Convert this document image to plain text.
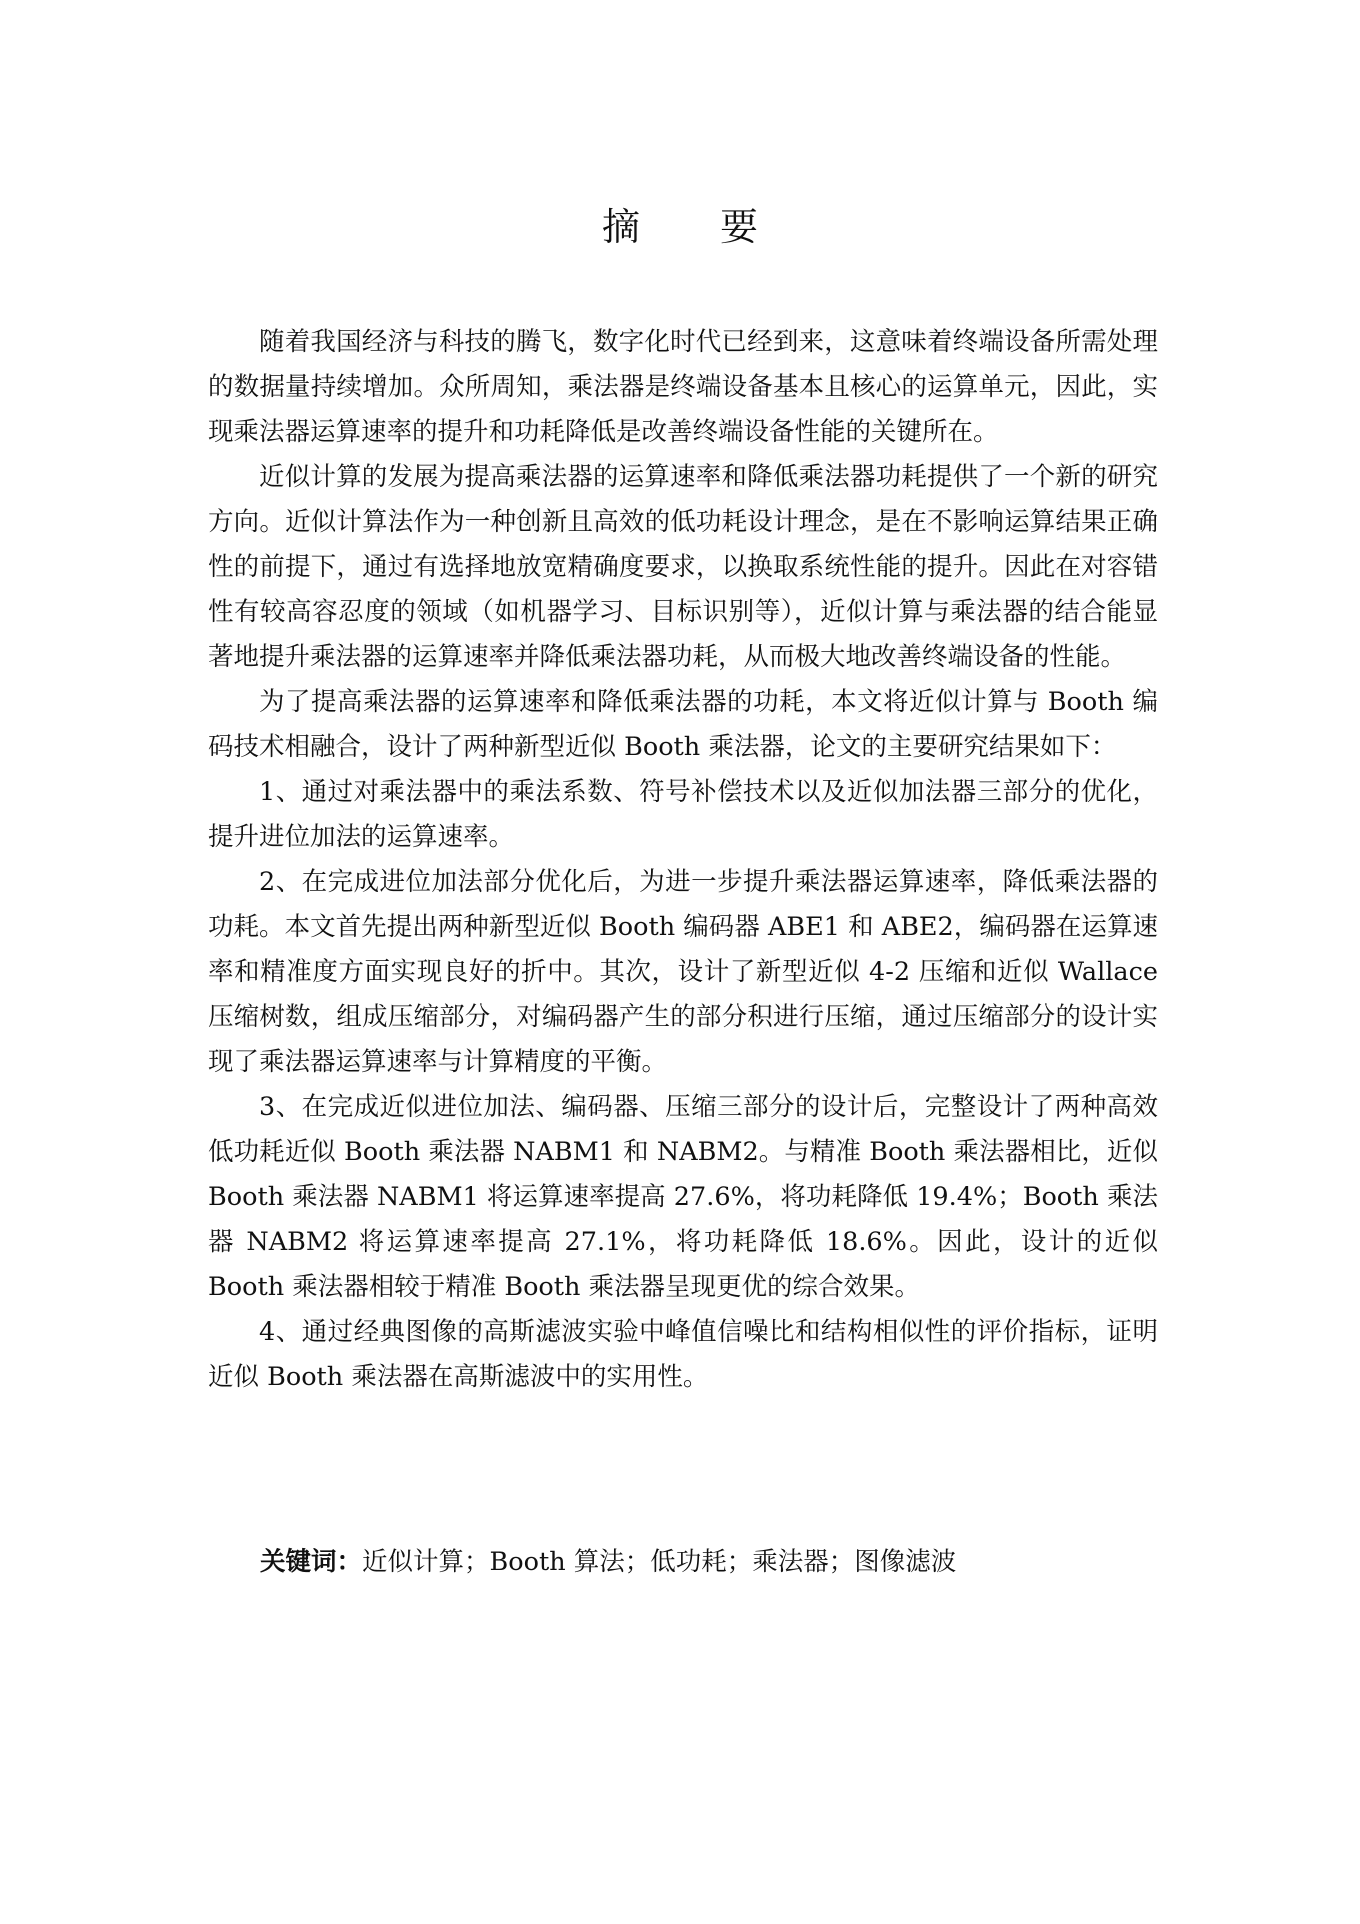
摘 要

随着我国经济与科技的腾飞，数字化时代已经到来，这意味着终端设备所需处理的数据量持续增加。众所周知，乘法器是终端设备基本且核心的运算单元，因此，实现乘法器运算速率的提升和功耗降低是改善终端设备性能的关键所在。

近似计算的发展为提高乘法器的运算速率和降低乘法器功耗提供了一个新的研究方向。近似计算法作为一种创新且高效的低功耗设计理念，是在不影响运算结果正确性的前提下，通过有选择地放宽精确度要求，以换取系统性能的提升。因此在对容错性有较高容忍度的领域（如机器学习、目标识别等），近似计算与乘法器的结合能显著地提升乘法器的运算速率并降低乘法器功耗，从而极大地改善终端设备的性能。

为了提高乘法器的运算速率和降低乘法器的功耗，本文将近似计算与 Booth 编码技术相融合，设计了两种新型近似 Booth 乘法器，论文的主要研究结果如下：

1、通过对乘法器中的乘法系数、符号补偿技术以及近似加法器三部分的优化，提升进位加法的运算速率。

2、在完成进位加法部分优化后，为进一步提升乘法器运算速率，降低乘法器的功耗。本文首先提出两种新型近似 Booth 编码器 ABE1 和 ABE2，编码器在运算速率和精准度方面实现良好的折中。其次，设计了新型近似 4-2 压缩和近似 Wallace 压缩树数，组成压缩部分，对编码器产生的部分积进行压缩，通过压缩部分的设计实现了乘法器运算速率与计算精度的平衡。

3、在完成近似进位加法、编码器、压缩三部分的设计后，完整设计了两种高效低功耗近似 Booth 乘法器 NABM1 和 NABM2。与精准 Booth 乘法器相比，近似 Booth 乘法器 NABM1 将运算速率提高 27.6%，将功耗降低 19.4%；Booth 乘法器 NABM2 将运算速率提高 27.1%，将功耗降低 18.6%。因此，设计的近似 Booth 乘法器相较于精准 Booth 乘法器呈现更优的综合效果。

4、通过经典图像的高斯滤波实验中峰值信噪比和结构相似性的评价指标，证明近似 Booth 乘法器在高斯滤波中的实用性。

关键词：近似计算；Booth 算法；低功耗；乘法器；图像滤波
